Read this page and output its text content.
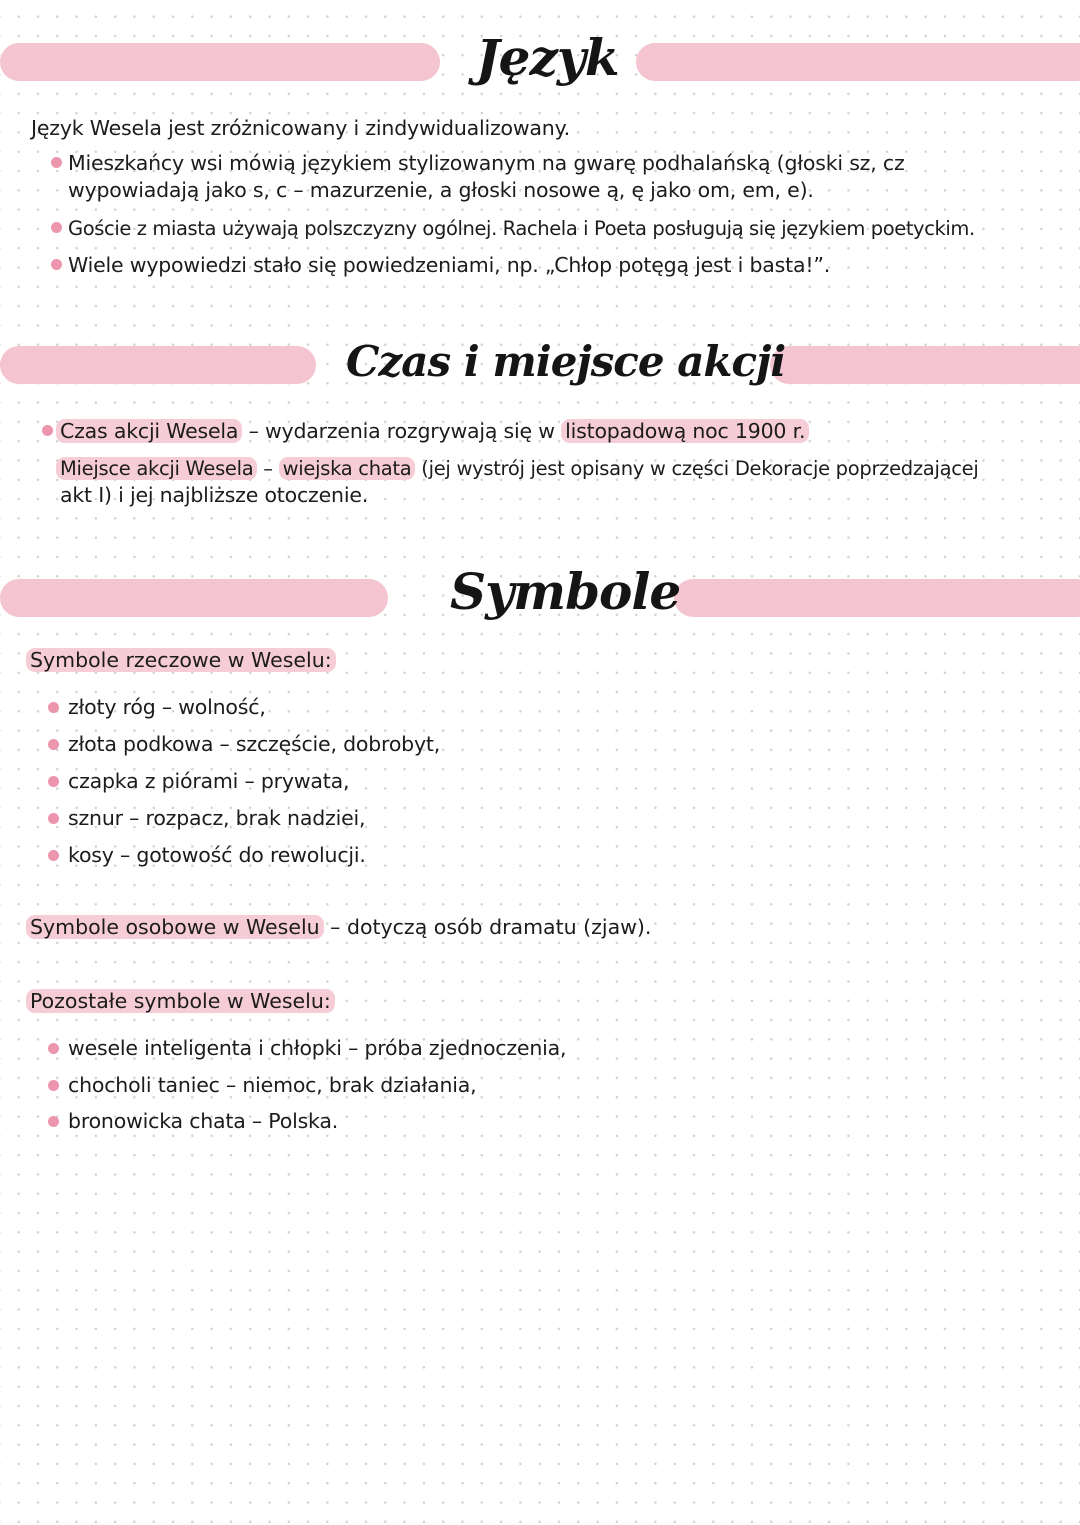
Język
Język Wesela jest zróżnicowany i zindywidualizowany.
Mieszkańcy wsi mówią językiem stylizowanym na gwarę podhalańską (głoski sz, cz
wypowiadają jako s, c – mazurzenie, a głoski nosowe ą, ę jako om, em, e).
Goście z miasta używają polszczyzny ogólnej. Rachela i Poeta posługują się językiem poetyckim.
Wiele wypowiedzi stało się powiedzeniami, np. „Chłop potęgą jest i basta!”.
Czas i miejsce akcji
Czas akcji Wesela – wydarzenia rozgrywają się w listopadową noc 1900 r.
Miejsce akcji Wesela – wiejska chata (jej wystrój jest opisany w części Dekoracje poprzedzającej
akt I) i jej najbliższe otoczenie.
Symbole
Symbole rzeczowe w Weselu:
złoty róg – wolność,
złota podkowa – szczęście, dobrobyt,
czapka z piórami – prywata,
sznur – rozpacz, brak nadziei,
kosy – gotowość do rewolucji.
Symbole osobowe w Weselu – dotyczą osób dramatu (zjaw).
Pozostałe symbole w Weselu:
wesele inteligenta i chłopki – próba zjednoczenia,
chocholi taniec – niemoc, brak działania,
bronowicka chata – Polska.
